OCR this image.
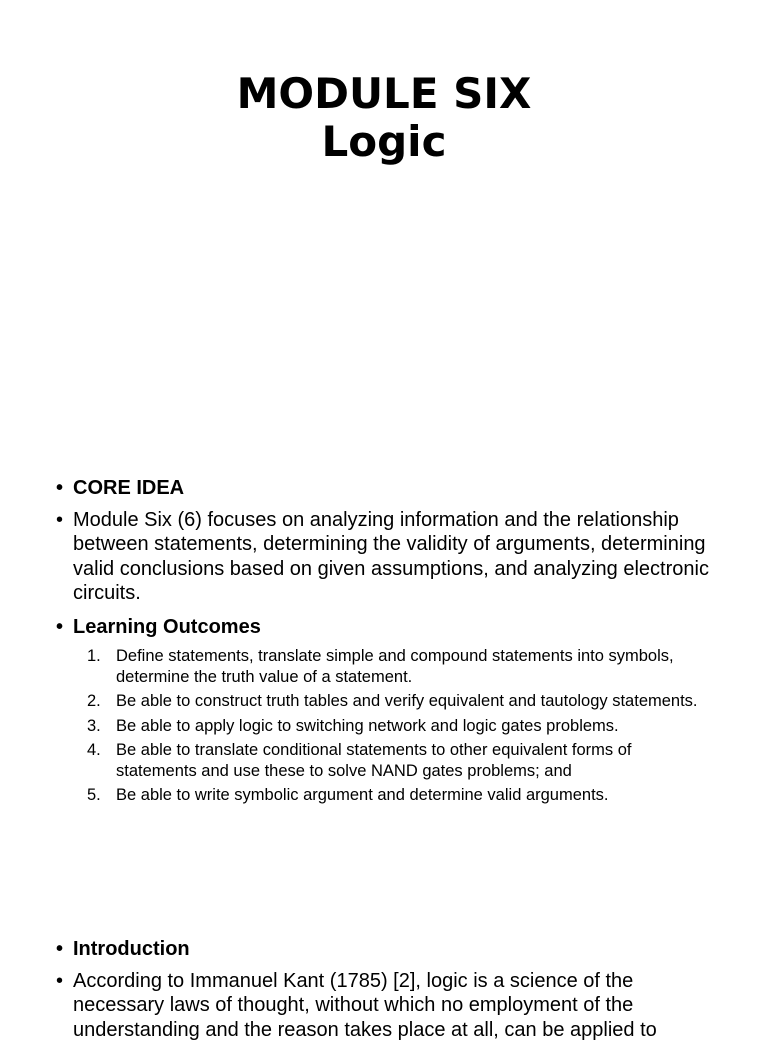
MODULE SIX
Logic
• CORE IDEA
• Module Six (6) focuses on analyzing information and the relationship between statements, determining the validity of arguments, determining valid conclusions based on given assumptions, and analyzing electronic circuits.
• Learning Outcomes
1. Define statements, translate simple and compound statements into symbols, determine the truth value of a statement.
2. Be able to construct truth tables and verify equivalent and tautology statements.
3. Be able to apply logic to switching network and logic gates problems.
4. Be able to translate conditional statements to other equivalent forms of statements and use these to solve NAND gates problems; and
5. Be able to write symbolic argument and determine valid arguments.
• Introduction
• According to Immanuel Kant (1785) [2], logic is a science of the necessary laws of thought, without which no employment of the understanding and the reason takes place at all, can be applied to
